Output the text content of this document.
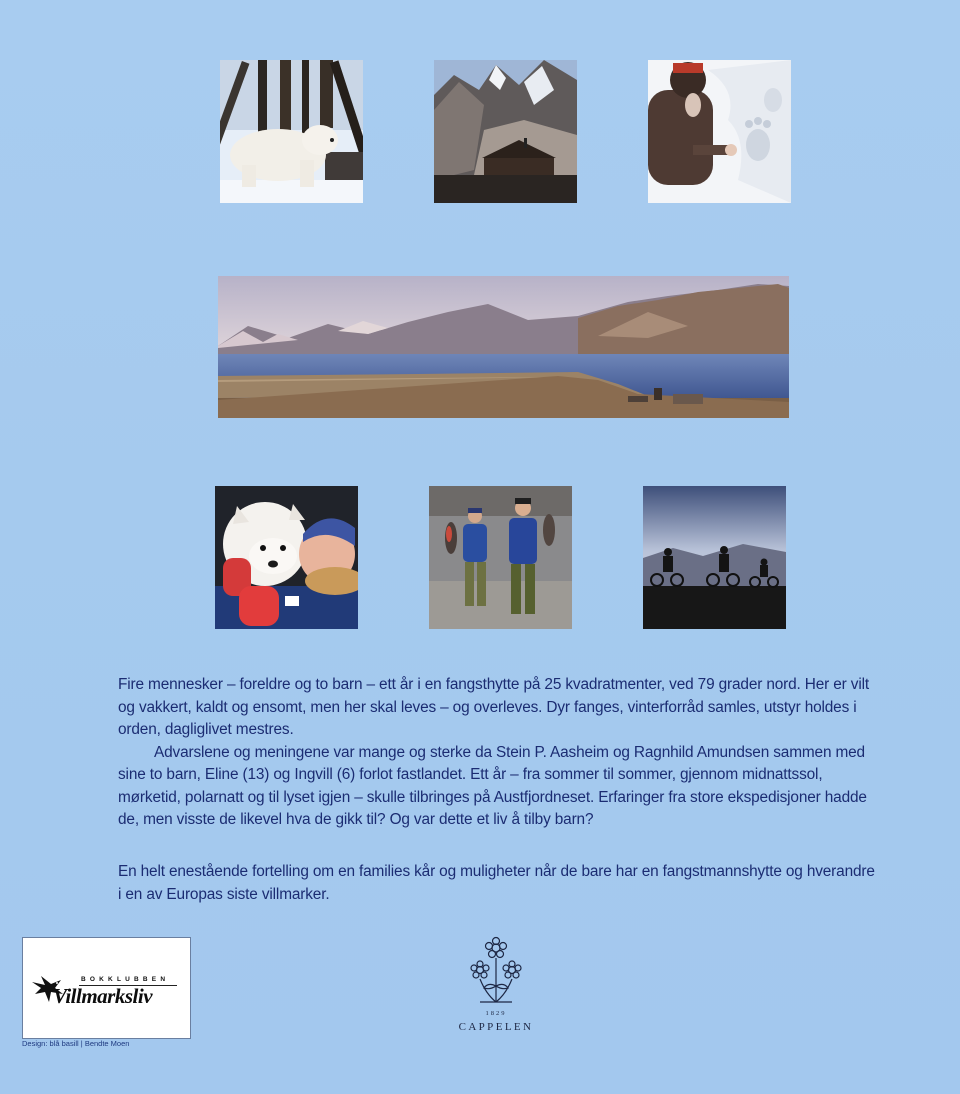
Fire mennesker – foreldre og to barn – ett år i en fangsthytte på 25 kvadratmenter, ved 79 grader nord. Her er vilt og vakkert, kaldt og ensomt, men her skal leves – og overleves. Dyr fanges, vinterforråd samles, utstyr holdes i orden, dagliglivet mestres.

Advarslene og meningene var mange og sterke da Stein P. Aasheim og Ragnhild Amundsen sammen med sine to barn, Eline (13) og Ingvill (6) forlot fastlandet. Ett år – fra sommer til sommer, gjennom midnattssol, mørketid, polarnatt og til lyset igjen – skulle tilbringes på Austfjordneset. Erfaringer fra store ekspedisjoner hadde de, men visste de likevel hva de gikk til? Og var dette et liv å tilby barn?

En helt enestående fortelling om en families kår og muligheter når de bare har en fangstmannshytte og hverandre i en av Europas siste villmarker.

BOKKLUBBEN
Villmarksliv
Design: blå basill | Bendte Moen
1829
CAPPELEN
